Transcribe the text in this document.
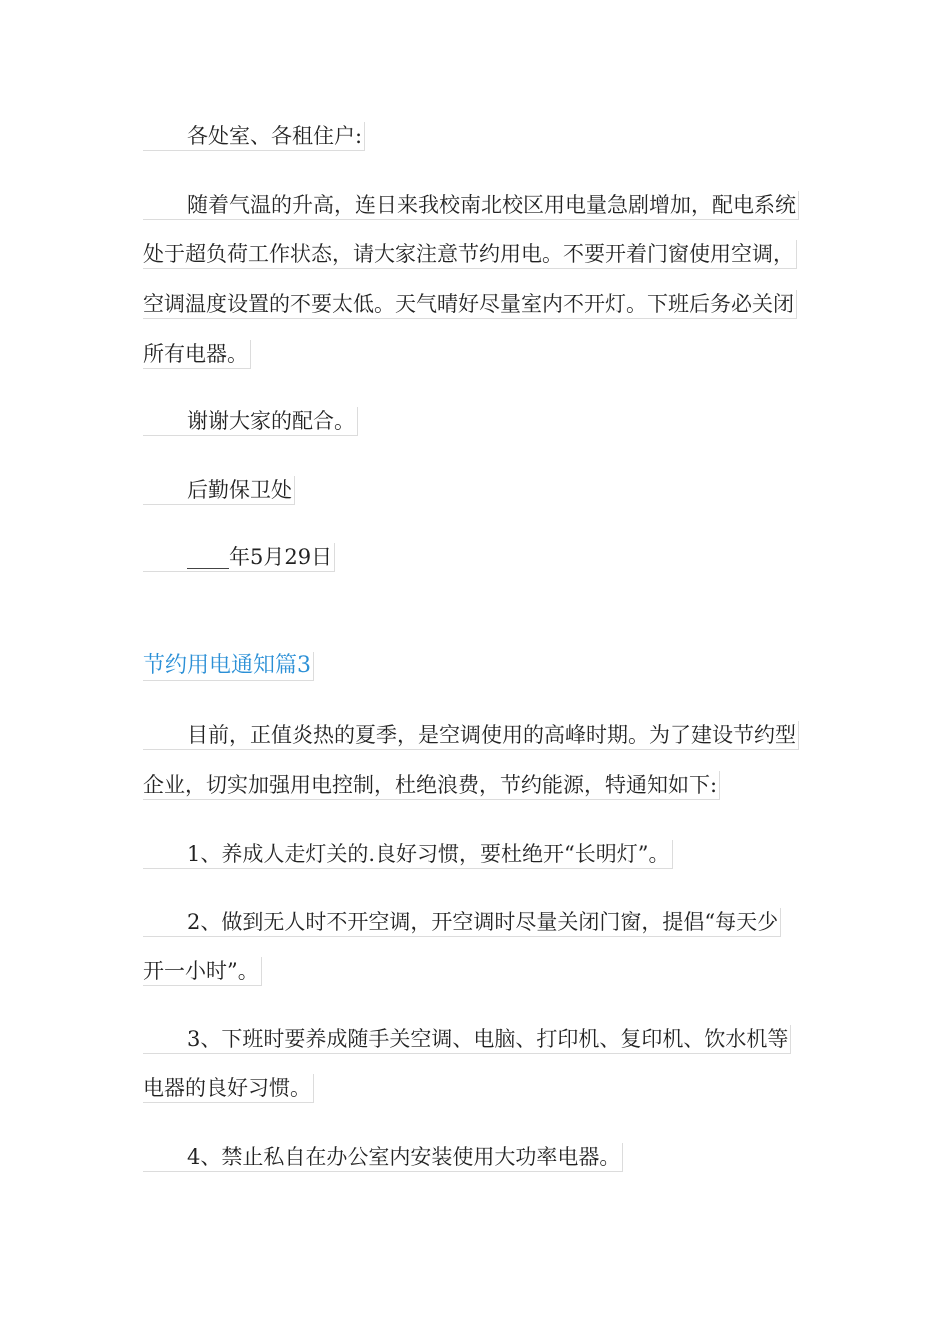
各处室、各租住户:
随着气温的升高，连日来我校南北校区用电量急剧增加，配电系统
处于超负荷工作状态，请大家注意节约用电。不要开着门窗使用空调，
空调温度设置的不要太低。天气晴好尽量室内不开灯。下班后务必关闭
所有电器。
谢谢大家的配合。
后勤保卫处
____年5月29日
节约用电通知篇3
目前，正值炎热的夏季，是空调使用的高峰时期。为了建设节约型
企业，切实加强用电控制，杜绝浪费，节约能源，特通知如下:
1、养成人走灯关的.良好习惯，要杜绝开“长明灯”。
2、做到无人时不开空调，开空调时尽量关闭门窗，提倡“每天少
开一小时”。
3、下班时要养成随手关空调、电脑、打印机、复印机、饮水机等
电器的良好习惯。
4、禁止私自在办公室内安装使用大功率电器。
